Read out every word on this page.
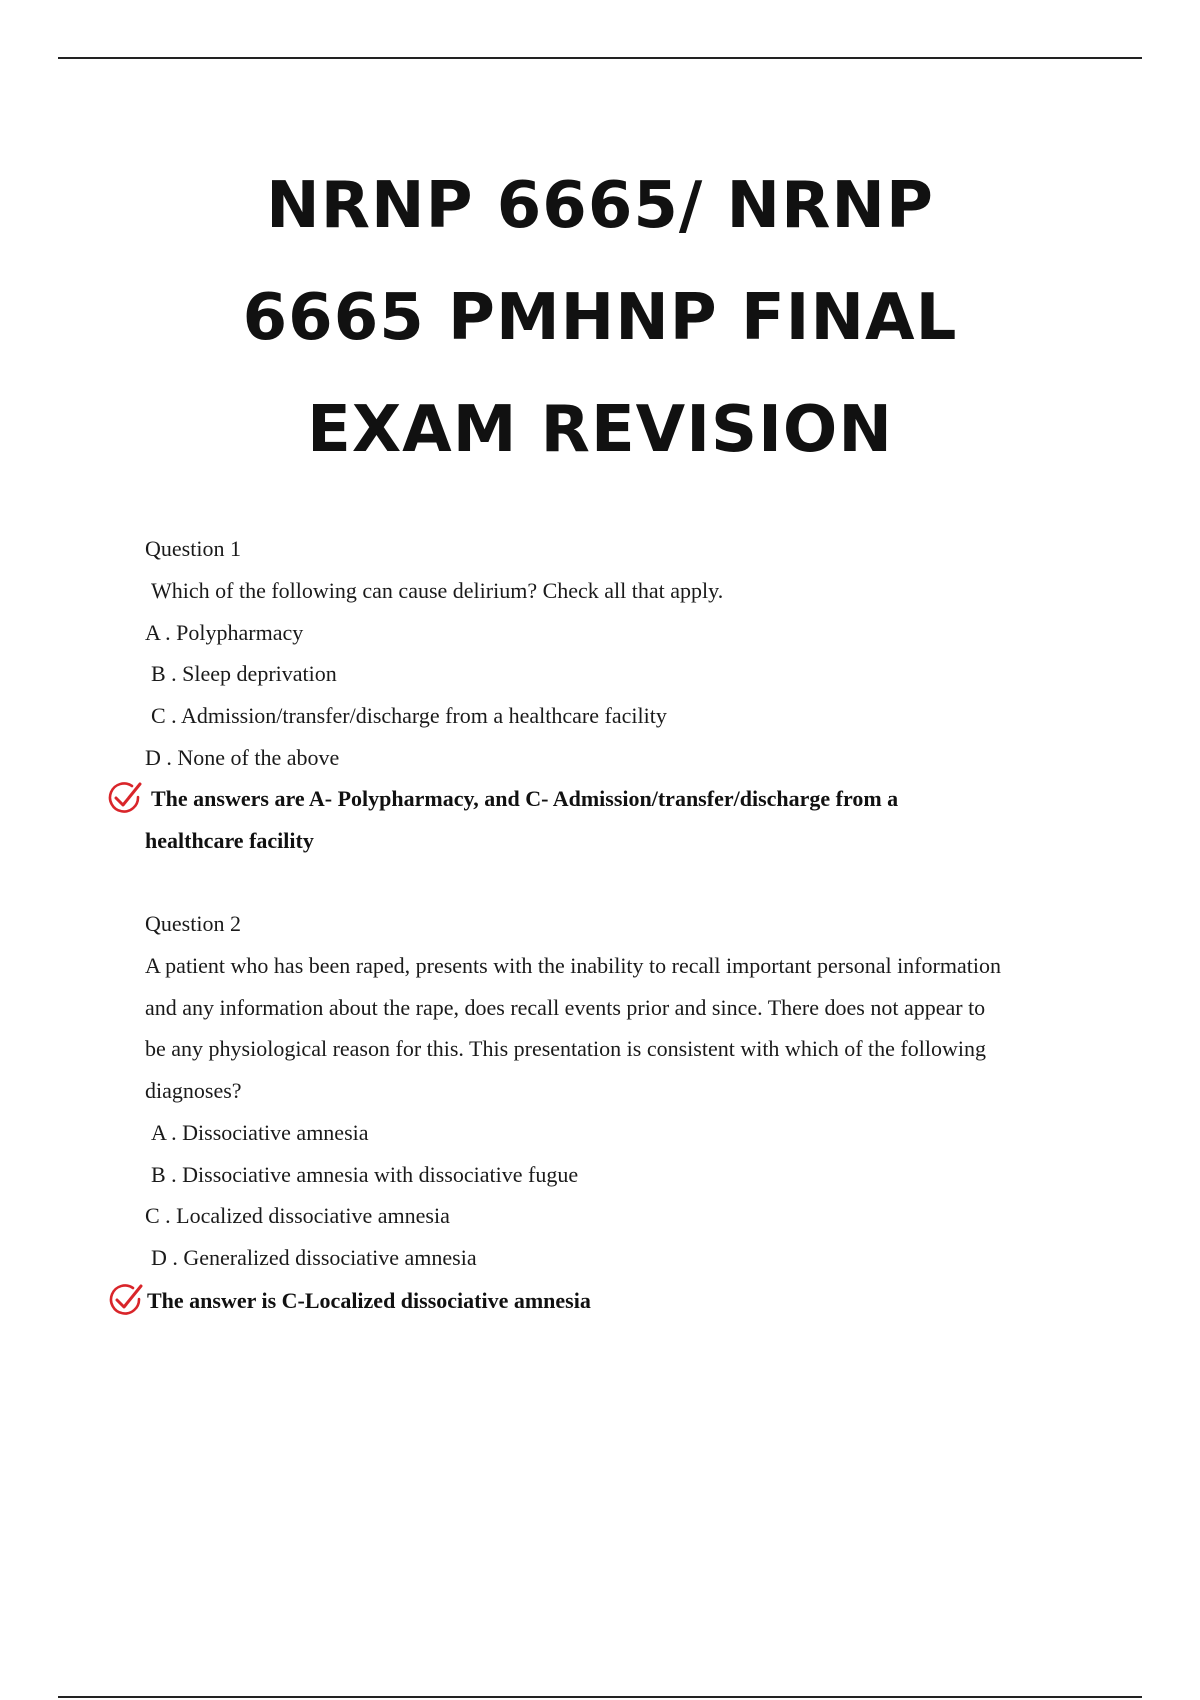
NRNP 6665/ NRNP
6665 PMHNP FINAL
EXAM REVISION
Question 1
Which of the following can cause delirium? Check all that apply.
A . Polypharmacy
B . Sleep deprivation
C . Admission/transfer/discharge from a healthcare facility
D . None of the above
The answers are A- Polypharmacy, and C- Admission/transfer/discharge from a
healthcare facility
Question 2
A patient who has been raped, presents with the inability to recall important personal information
and any information about the rape, does recall events prior and since. There does not appear to
be any physiological reason for this. This presentation is consistent with which of the following
diagnoses?
A . Dissociative amnesia
B . Dissociative amnesia with dissociative fugue
C . Localized dissociative amnesia
D . Generalized dissociative amnesia
The answer is C-Localized dissociative amnesia
